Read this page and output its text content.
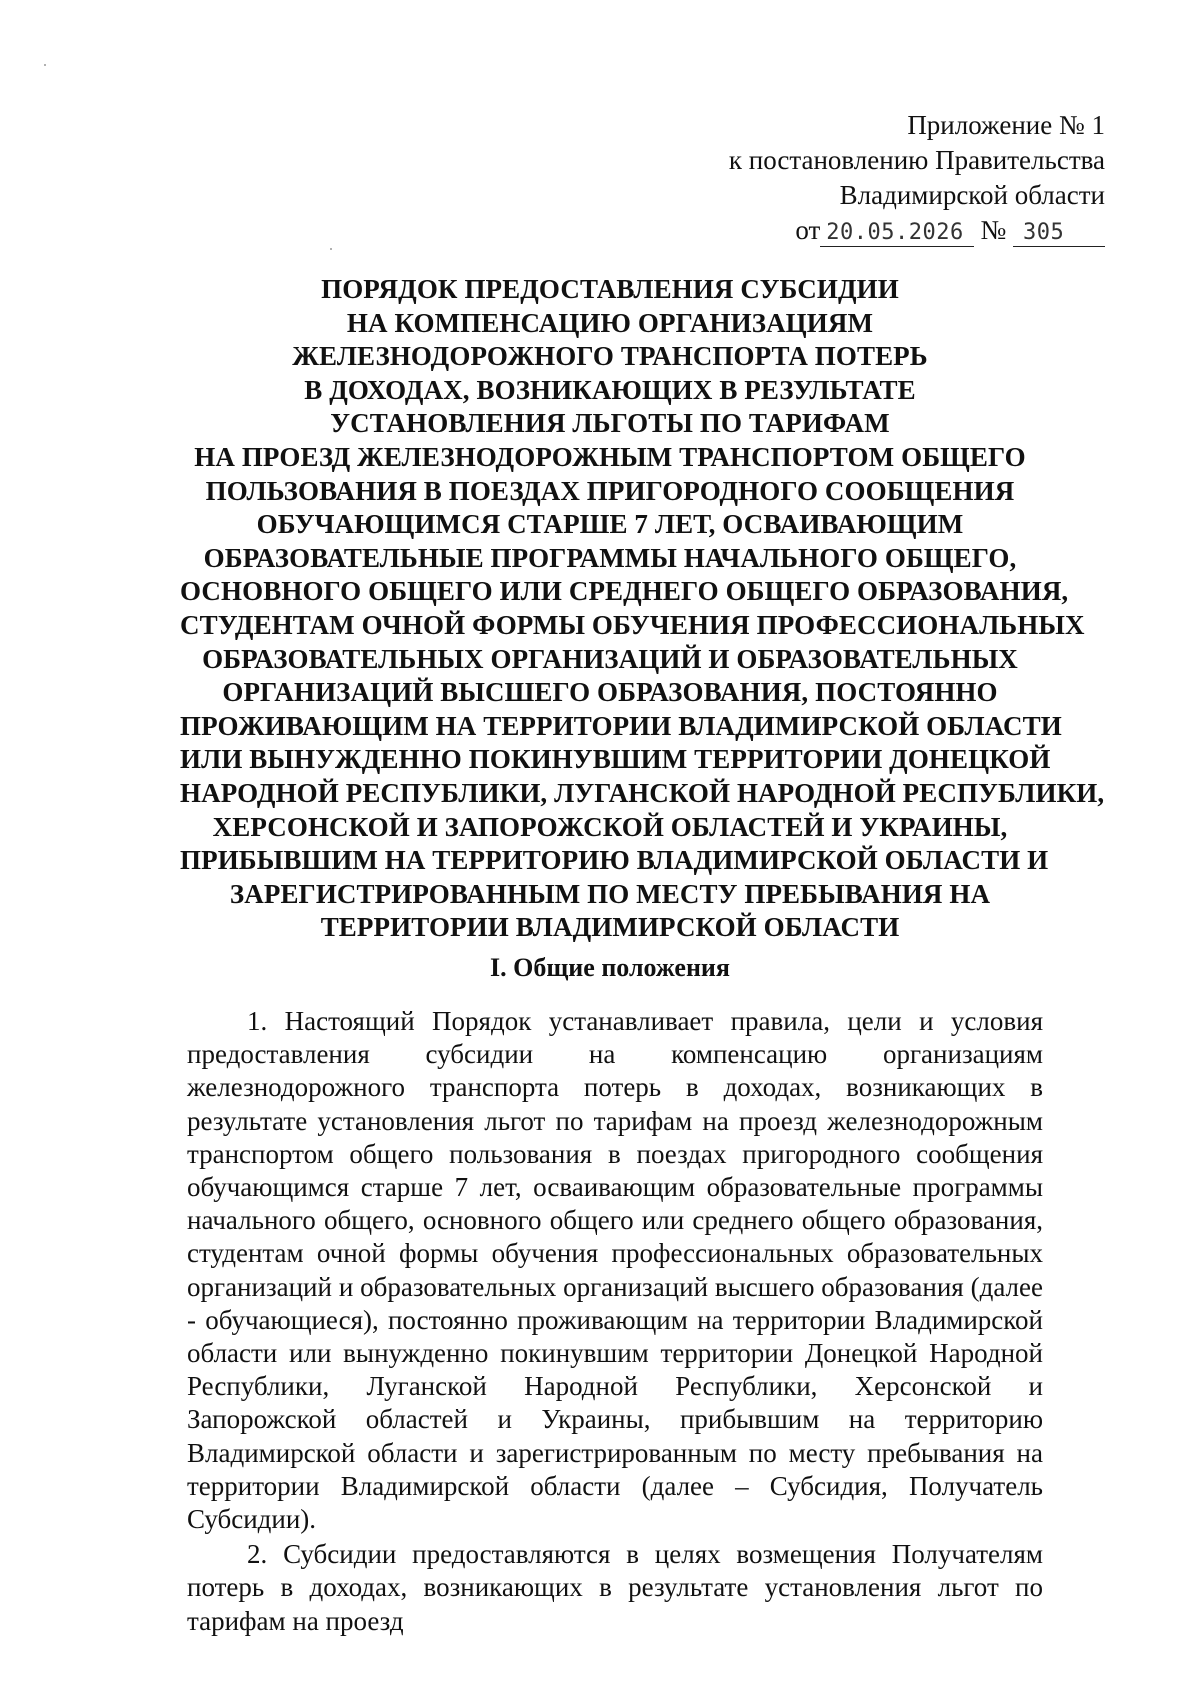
Приложение № 1
к постановлению Правительства
Владимирской области
от 20.05.2026 № 305
ПОРЯДОК ПРЕДОСТАВЛЕНИЯ СУБСИДИИ
НА КОМПЕНСАЦИЮ ОРГАНИЗАЦИЯМ
ЖЕЛЕЗНОДОРОЖНОГО ТРАНСПОРТА ПОТЕРЬ
В ДОХОДАХ, ВОЗНИКАЮЩИХ В РЕЗУЛЬТАТЕ
УСТАНОВЛЕНИЯ ЛЬГОТЫ ПО ТАРИФАМ
НА ПРОЕЗД ЖЕЛЕЗНОДОРОЖНЫМ ТРАНСПОРТОМ ОБЩЕГО
ПОЛЬЗОВАНИЯ В ПОЕЗДАХ ПРИГОРОДНОГО СООБЩЕНИЯ
ОБУЧАЮЩИМСЯ СТАРШЕ 7 ЛЕТ, ОСВАИВАЮЩИМ
ОБРАЗОВАТЕЛЬНЫЕ ПРОГРАММЫ НАЧАЛЬНОГО ОБЩЕГО,
ОСНОВНОГО ОБЩЕГО ИЛИ СРЕДНЕГО ОБЩЕГО ОБРАЗОВАНИЯ,
СТУДЕНТАМ ОЧНОЙ ФОРМЫ ОБУЧЕНИЯ ПРОФЕССИОНАЛЬНЫХ
ОБРАЗОВАТЕЛЬНЫХ ОРГАНИЗАЦИЙ И ОБРАЗОВАТЕЛЬНЫХ
ОРГАНИЗАЦИЙ ВЫСШЕГО ОБРАЗОВАНИЯ, ПОСТОЯННО
ПРОЖИВАЮЩИМ НА ТЕРРИТОРИИ ВЛАДИМИРСКОЙ ОБЛАСТИ
ИЛИ ВЫНУЖДЕННО ПОКИНУВШИМ ТЕРРИТОРИИ ДОНЕЦКОЙ
НАРОДНОЙ РЕСПУБЛИКИ, ЛУГАНСКОЙ НАРОДНОЙ РЕСПУБЛИКИ,
ХЕРСОНСКОЙ И ЗАПОРОЖСКОЙ ОБЛАСТЕЙ И УКРАИНЫ,
ПРИБЫВШИМ НА ТЕРРИТОРИЮ ВЛАДИМИРСКОЙ ОБЛАСТИ И
ЗАРЕГИСТРИРОВАННЫМ ПО МЕСТУ ПРЕБЫВАНИЯ НА
ТЕРРИТОРИИ ВЛАДИМИРСКОЙ ОБЛАСТИ
I. Общие положения

1. Настоящий Порядок устанавливает правила, цели и условия предоставления субсидии на компенсацию организациям железнодорожного транспорта потерь в доходах, возникающих в результате установления льгот по тарифам на проезд железнодорожным транспортом общего пользования в поездах пригородного сообщения обучающимся старше 7 лет, осваивающим образовательные программы начального общего, основного общего или среднего общего образования, студентам очной формы обучения профессиональных образовательных организаций и образовательных организаций высшего образования (далее - обучающиеся), постоянно проживающим на территории Владимирской области или вынужденно покинувшим территории Донецкой Народной Республики, Луганской Народной Республики, Херсонской и Запорожской областей и Украины, прибывшим на территорию Владимирской области и зарегистрированным по месту пребывания на территории Владимирской области (далее – Субсидия, Получатель Субсидии).

2. Субсидии предоставляются в целях возмещения Получателям потерь в доходах, возникающих в результате установления льгот по тарифам на проезд
